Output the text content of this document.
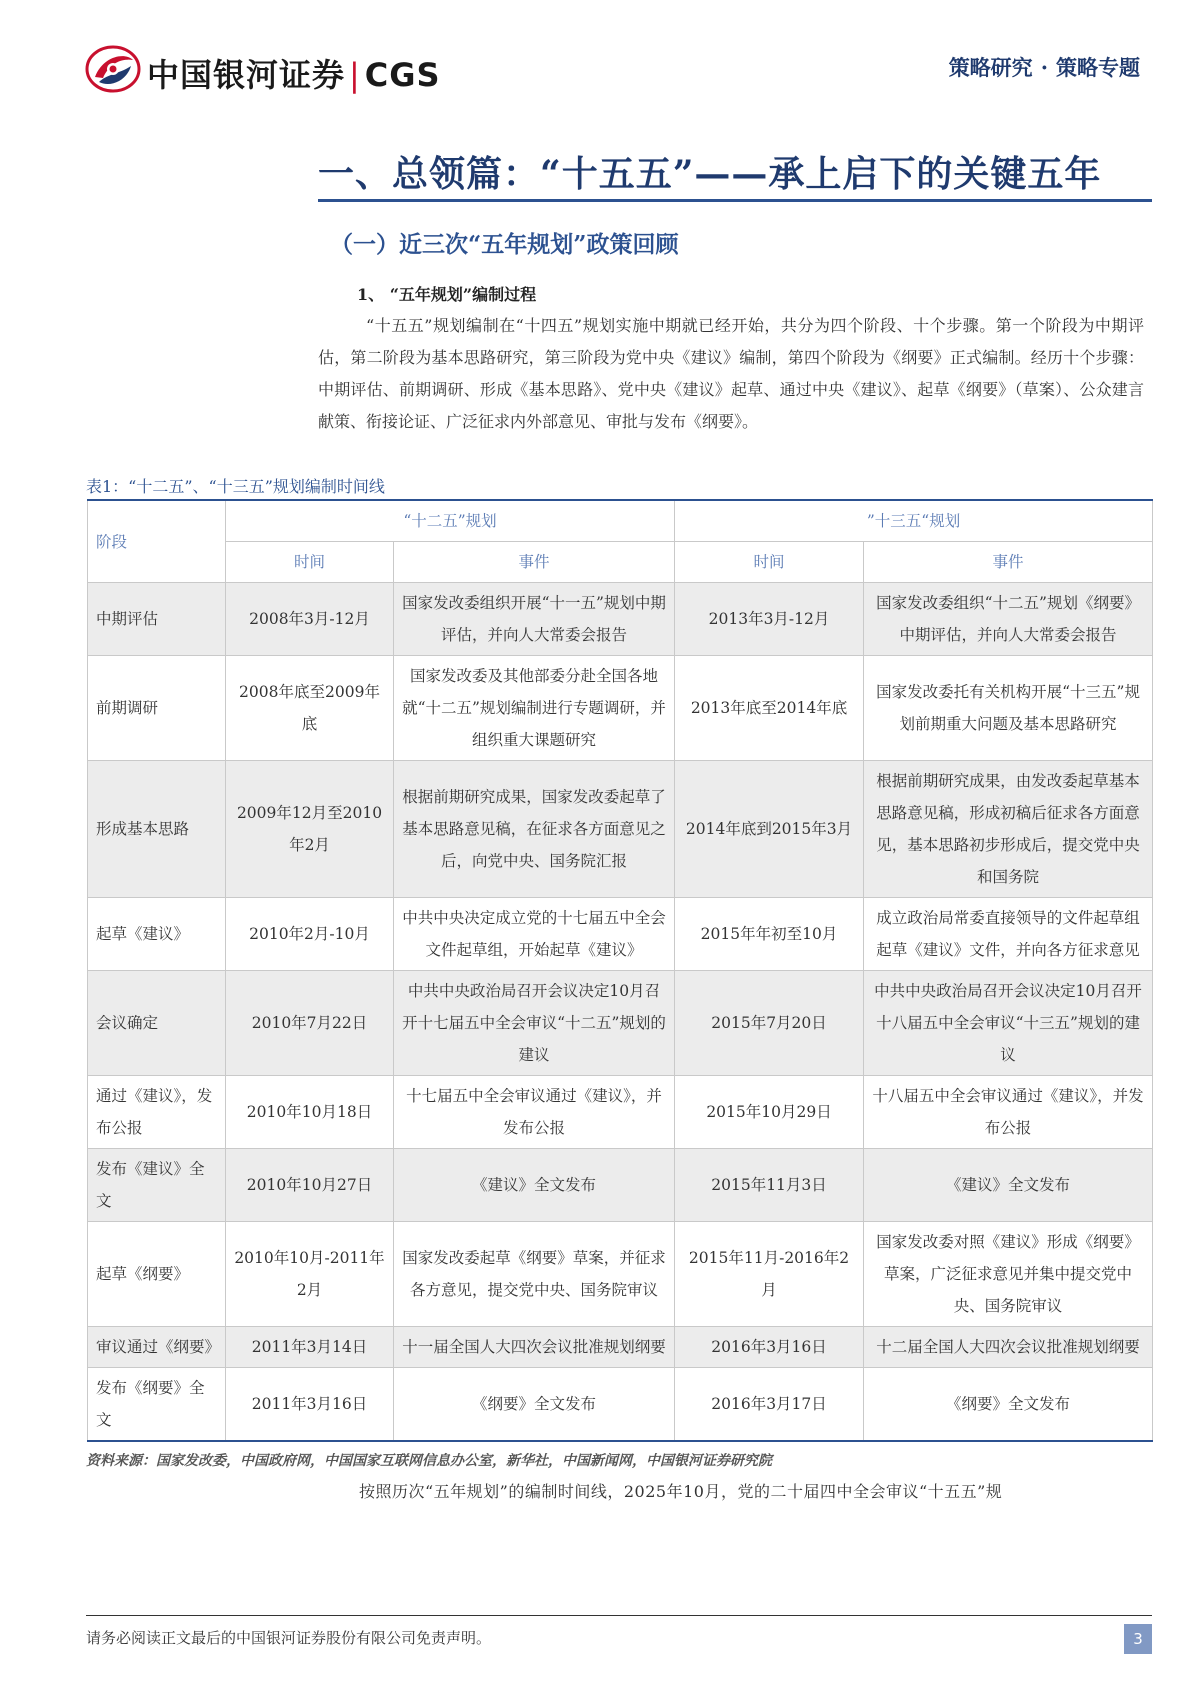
中国银河证券 | CGS	策略研究 · 策略专题
一、总领篇：“十五五”——承上启下的关键五年
（一）近三次“五年规划”政策回顾
1、 “五年规划”编制过程

“十五五”规划编制在“十四五”规划实施中期就已经开始，共分为四个阶段、十个步骤。第一个阶段为中期评估，第二阶段为基本思路研究，第三阶段为党中央《建议》编制，第四个阶段为《纲要》正式编制。经历十个步骤：中期评估、前期调研、形成《基本思路》、党中央《建议》起草、通过中央《建议》、起草《纲要》（草案）、公众建言献策、衔接论证、广泛征求内外部意见、审批与发布《纲要》。

表1：“十二五”、“十三五”规划编制时间线
阶段	“十二五”规划		”十三五“规划	
	时间	事件	时间	事件
中期评估	2008年3月-12月	国家发改委组织开展“十一五”规划中期评估，并向人大常委会报告	2013年3月-12月	国家发改委组织“十二五”规划《纲要》中期评估，并向人大常委会报告
前期调研	2008年底至2009年底	国家发改委及其他部委分赴全国各地就“十二五”规划编制进行专题调研，并组织重大课题研究	2013年底至2014年底	国家发改委托有关机构开展“十三五”规划前期重大问题及基本思路研究
形成基本思路	2009年12月至2010年2月	根据前期研究成果，国家发改委起草了基本思路意见稿，在征求各方面意见之后，向党中央、国务院汇报	2014年底到2015年3月	根据前期研究成果，由发改委起草基本思路意见稿，形成初稿后征求各方面意见，基本思路初步形成后，提交党中央和国务院
起草《建议》	2010年2月-10月	中共中央决定成立党的十七届五中全会文件起草组，开始起草《建议》	2015年年初至10月	成立政治局常委直接领导的文件起草组起草《建议》文件，并向各方征求意见
会议确定	2010年7月22日	中共中央政治局召开会议决定10月召开十七届五中全会审议“十二五”规划的建议	2015年7月20日	中共中央政治局召开会议决定10月召开十八届五中全会审议“十三五”规划的建议
通过《建议》，发布公报	2010年10月18日	十七届五中全会审议通过《建议》，并发布公报	2015年10月29日	十八届五中全会审议通过《建议》，并发布公报
发布《建议》全文	2010年10月27日	《建议》全文发布	2015年11月3日	《建议》全文发布
起草《纲要》	2010年10月-2011年2月	国家发改委起草《纲要》草案，并征求各方意见，提交党中央、国务院审议	2015年11月-2016年2月	国家发改委对照《建议》形成《纲要》草案，广泛征求意见并集中提交党中央、国务院审议
审议通过《纲要》	2011年3月14日	十一届全国人大四次会议批准规划纲要	2016年3月16日	十二届全国人大四次会议批准规划纲要
发布《纲要》全文	2011年3月16日	《纲要》全文发布	2016年3月17日	《纲要》全文发布
资料来源：国家发改委，中国政府网，中国国家互联网信息办公室，新华社，中国新闻网，中国银河证券研究院
按照历次“五年规划”的编制时间线，2025年10月，党的二十届四中全会审议“十五五”规
请务必阅读正文最后的中国银河证券股份有限公司免责声明。	3
